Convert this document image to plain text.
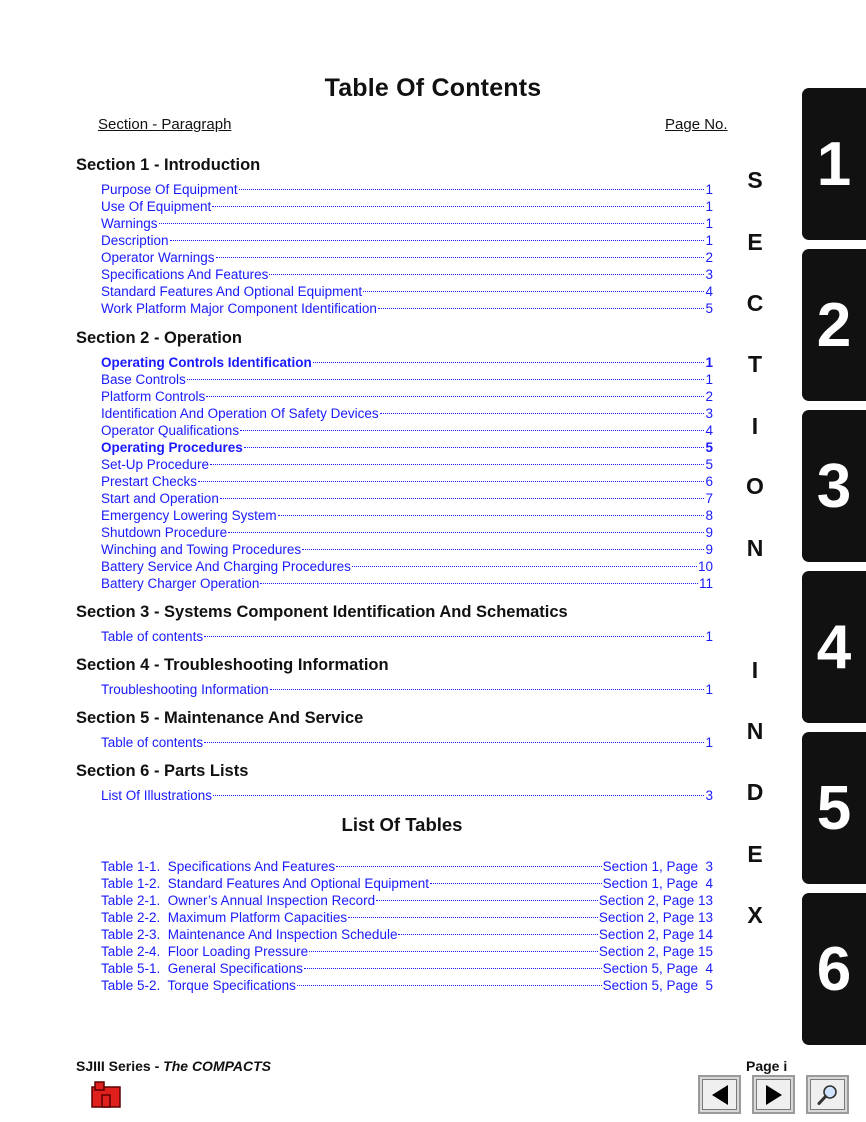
Table Of Contents
Section - Paragraph	Page No.
Section 1 - Introduction
Purpose Of Equipment	1
Use Of Equipment	1
Warnings	1
Description	1
Operator Warnings	2
Specifications And Features	3
Standard Features And Optional Equipment	4
Work Platform Major Component Identification	5
Section 2 - Operation
Operating Controls Identification	1
Base Controls	1
Platform Controls	2
Identification And Operation Of Safety Devices	3
Operator Qualifications	4
Operating Procedures	5
Set-Up Procedure	5
Prestart Checks	6
Start and Operation	7
Emergency Lowering System	8
Shutdown Procedure	9
Winching and Towing Procedures	9
Battery Service And Charging Procedures	10
Battery Charger Operation	11
Section 3 - Systems Component Identification And Schematics
Table of contents	1
Section 4 - Troubleshooting Information
Troubleshooting Information	1
Section 5 - Maintenance And Service
Table of contents	1
Section 6 - Parts Lists
List Of Illustrations	3
List Of Tables
Table 1-1.  Specifications And Features	Section 1, Page  3
Table 1-2.  Standard Features And Optional Equipment	Section 1, Page  4
Table 2-1.  Owner’s Annual Inspection Record	Section 2, Page 13
Table 2-2.  Maximum Platform Capacities	Section 2, Page 13
Table 2-3.  Maintenance And Inspection Schedule	Section 2, Page 14
Table 2-4.  Floor Loading Pressure	Section 2, Page 15
Table 5-1.  General Specifications	Section 5, Page  4
Table 5-2.  Torque Specifications	Section 5, Page  5
S
E
C
T
I
O
N
I
N
D
E
X
1
2
3
4
5
6
SJIII Series - The COMPACTS	Page i
